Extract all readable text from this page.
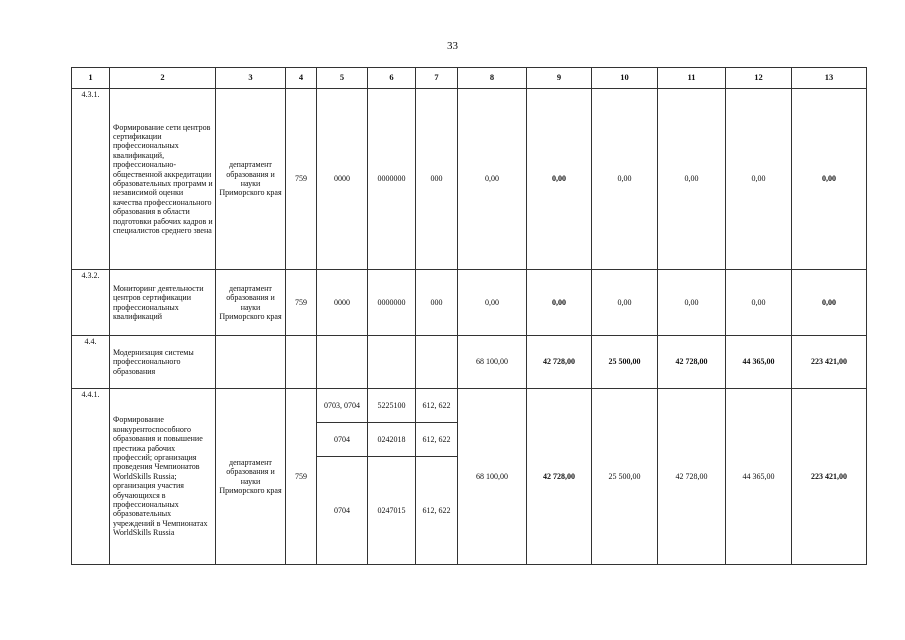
33
1	2	3	4	5	6	7	8	9	10	11	12	13
4.3.1.	Формирование сети центров сертификации профессиональных квалификаций, профессионально-общественной аккредитации образовательных программ и независимой оценки качества профессионального образования в области подготовки рабочих кадров и специалистов среднего звена	департамент образования и науки Приморского края	759	0000	0000000	000	0,00	0,00	0,00	0,00	0,00	0,00
4.3.2.	Мониторинг деятельности центров сертификации профессиональных квалификаций	департамент образования и науки Приморского края	759	0000	0000000	000	0,00	0,00	0,00	0,00	0,00	0,00
4.4.	Модернизация системы профессионального образования						68 100,00	42 728,00	25 500,00	42 728,00	44 365,00	223 421,00
4.4.1.	Формирование конкурентоспособного образования и повышение престижа рабочих профессий; организация проведения Чемпионатов WorldSkills Russia; организация участия обучающихся в профессиональных образовательных учреждений в Чемпионатах WorldSkills Russia	департамент образования и науки Приморского края	759	0703, 0704	5225100	612, 622	68 100,00	42 728,00	25 500,00	42 728,00	44 365,00	223 421,00
				0704	0242018	612, 622						
				0704	0247015	612, 622						
